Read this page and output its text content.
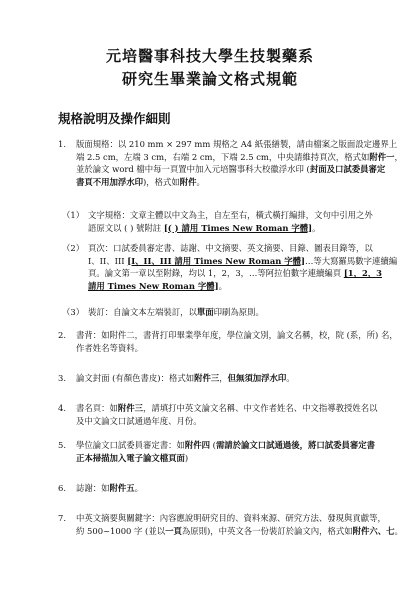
元培醫事科技大學生技製藥系
研究生畢業論文格式規範
規格說明及操作細則
1. 版面規格：以 210 mm × 297 mm 規格之 A4 紙張繕製，請由檔案之版面設定邊界上
端 2.5 cm，左端 3 cm，右端 2 cm，下端 2.5 cm，中央請維持頁次，格式如附件一，
並於論文 word 檔中每一頁置中加入元培醫事科大校徽浮水印 (封面及口試委員審定
書頁不用加浮水印)，格式如附件。
（1） 文字規格：文章主體以中文為主，自左至右，橫式橫打編排，文句中引用之外
語原文以 ( ) 號附註 [( ) 請用 Times New Roman 字體]。
（2） 頁次：口試委員審定書、誌謝、中文摘要、英文摘要、目錄、圖表目錄等，以
I、II、III [I、II、III 請用 Times New Roman 字體]…等大寫羅馬數字連續編
頁。論文第一章以至附錄，均以 1，2，3，…等阿拉伯數字連續編頁 [1，2，3
請用 Times New Roman 字體]。
（3） 裝訂：自論文本左端裝訂，以單面印刷為原則。
2. 書背：如附件二，書背打印畢業學年度，學位論文別，論文名稱，校，院 (系，所) 名，
作者姓名等資料。
3. 論文封面 (有顏色書皮)：格式如附件三，但無須加浮水印。
4. 書名頁：如附件三，請填打中英文論文名稱、中文作者姓名、中文指導教授姓名以
及中文論文口試通過年度、月份。
5. 學位論文口試委員審定書：如附件四 (需請於論文口試通過後，將口試委員審定書
正本掃描加入電子論文檔頁面)
6. 誌謝：如附件五。
7. 中英文摘要與關鍵字：內容應說明研究目的、資料來源、研究方法、發現與貢獻等，
約 500~1000 字 (並以一頁為原則)，中英文各一份裝訂於論文內，格式如附件六、七。
